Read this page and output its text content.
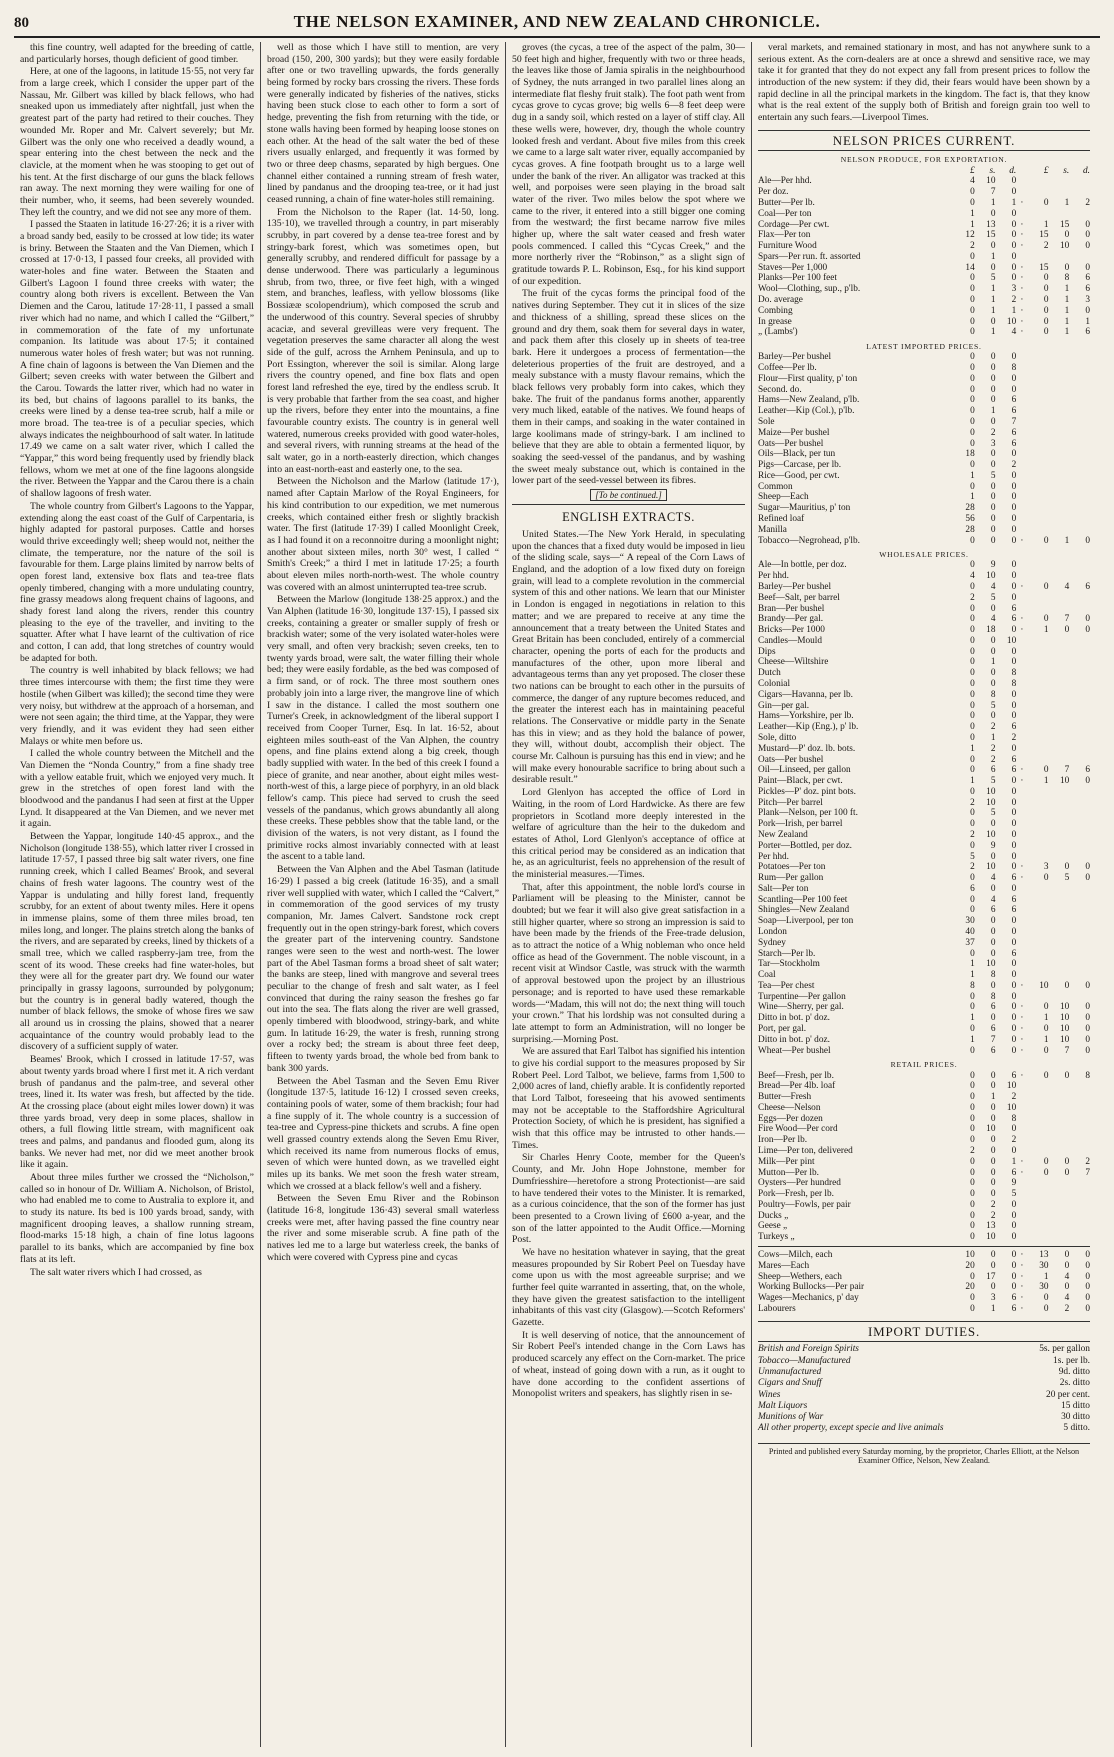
80	THE NELSON EXAMINER, AND NEW ZEALAND CHRONICLE.

this fine country, well adapted for the breeding of cattle, and particularly horses, though deficient of good timber.

Here, at one of the lagoons, in latitude 15·55, not very far from a large creek, which I consider the upper part of the Nassau, Mr. Gilbert was killed by black fellows, who had sneaked upon us immediately after nightfall, just when the greatest part of the party had retired to their couches. They wounded Mr. Roper and Mr. Calvert severely; but Mr. Gilbert was the only one who received a deadly wound, a spear entering into the chest between the neck and the clavicle, at the moment when he was stooping to get out of his tent. At the first discharge of our guns the black fellows ran away. The next morning they were wailing for one of their number, who, it seems, had been severely wounded. They left the country, and we did not see any more of them.

I passed the Staaten in latitude 16·27·26; it is a river with a broad sandy bed, easily to be crossed at low tide; its water is briny. Between the Staaten and the Van Diemen, which I crossed at 17·0·13, I passed four creeks, all provided with water-holes and fine water. Between the Staaten and Gilbert's Lagoon I found three creeks with water; the country along both rivers is excellent. Between the Van Diemen and the Carou, latitude 17·28·11, I passed a small river which had no name, and which I called the “Gilbert,” in commemoration of the fate of my unfortunate companion. Its latitude was about 17·5; it contained numerous water holes of fresh water; but was not running. A fine chain of lagoons is between the Van Diemen and the Gilbert; seven creeks with water between the Gilbert and the Carou. Towards the latter river, which had no water in its bed, but chains of lagoons parallel to its banks, the creeks were lined by a dense tea-tree scrub, half a mile or more broad. The tea-tree is of a peculiar species, which always indicates the neighbourhood of salt water. In latitude 17.49 we came on a salt water river, which I called the “Yappar,” this word being frequently used by friendly black fellows, whom we met at one of the fine lagoons alongside the river. Between the Yappar and the Carou there is a chain of shallow lagoons of fresh water.

The whole country from Gilbert's Lagoons to the Yappar, extending along the east coast of the Gulf of Carpentaria, is highly adapted for pastoral purposes. Cattle and horses would thrive exceedingly well; sheep would not, neither the climate, the temperature, nor the nature of the soil is favourable for them. Large plains limited by narrow belts of open forest land, extensive box flats and tea-tree flats openly timbered, changing with a more undulating country, fine grassy meadows along frequent chains of lagoons, and shady forest land along the rivers, render this country pleasing to the eye of the traveller, and inviting to the squatter. After what I have learnt of the cultivation of rice and cotton, I can add, that long stretches of country would be adapted for both.

The country is well inhabited by black fellows; we had three times intercourse with them; the first time they were hostile (when Gilbert was killed); the second time they were very noisy, but withdrew at the approach of a horseman, and were not seen again; the third time, at the Yappar, they were very friendly, and it was evident they had seen either Malays or white men before us.

I called the whole country between the Mitchell and the Van Diemen the “Nonda Country,” from a fine shady tree with a yellow eatable fruit, which we enjoyed very much. It grew in the stretches of open forest land with the bloodwood and the pandanus I had seen at first at the Upper Lynd. It disappeared at the Van Diemen, and we never met it again.

Between the Yappar, longitude 140·45 approx., and the Nicholson (longitude 138·55), which latter river I crossed in latitude 17·57, I passed three big salt water rivers, one fine running creek, which I called Beames' Brook, and several chains of fresh water lagoons. The country west of the Yappar is undulating and hilly forest land, frequently scrubby, for an extent of about twenty miles. Here it opens in immense plains, some of them three miles broad, ten miles long, and longer. The plains stretch along the banks of the rivers, and are separated by creeks, lined by thickets of a small tree, which we called raspberry-jam tree, from the scent of its wood. These creeks had fine water-holes, but they were all for the greater part dry. We found our water principally in grassy lagoons, surrounded by polygonum; but the country is in general badly watered, though the number of black fellows, the smoke of whose fires we saw all around us in crossing the plains, showed that a nearer acquaintance of the country would probably lead to the discovery of a sufficient supply of water.

Beames' Brook, which I crossed in latitude 17·57, was about twenty yards broad where I first met it. A rich verdant brush of pandanus and the palm-tree, and several other trees, lined it. Its water was fresh, but affected by the tide. At the crossing place (about eight miles lower down) it was three yards broad, very deep in some places, shallow in others, a full flowing little stream, with magnificent oak trees and palms, and pandanus and flooded gum, along its banks. We never had met, nor did we meet another brook like it again.

About three miles further we crossed the “Nicholson,” called so in honour of Dr. William A. Nicholson, of Bristol, who had enabled me to come to Australia to explore it, and to study its nature. Its bed is 100 yards broad, sandy, with magnificent drooping leaves, a shallow running stream, flood-marks 15·18 high, a chain of fine lotus lagoons parallel to its banks, which are accompanied by fine box flats at its left.

The salt water rivers which I had crossed, as

well as those which I have still to mention, are very broad (150, 200, 300 yards); but they were easily fordable after one or two travelling upwards, the fords generally being formed by rocky bars crossing the rivers. These fords were generally indicated by fisheries of the natives, sticks having been stuck close to each other to form a sort of hedge, preventing the fish from returning with the tide, or stone walls having been formed by heaping loose stones on each other. At the head of the salt water the bed of these rivers usually enlarged, and frequently it was formed by two or three deep chasms, separated by high bergues. One channel either contained a running stream of fresh water, lined by pandanus and the drooping tea-tree, or it had just ceased running, a chain of fine water-holes still remaining.

From the Nicholson to the Raper (lat. 14·50, long. 135·10), we travelled through a country, in part miserably scrubby, in part covered by a dense tea-tree forest and by stringy-bark forest, which was sometimes open, but generally scrubby, and rendered difficult for passage by a dense underwood. There was particularly a leguminous shrub, from two, three, or five feet high, with a winged stem, and branches, leafless, with yellow blossoms (like Bossiææ scolopendrium), which composed the scrub and the underwood of this country. Several species of shrubby acaciæ, and several grevilleas were very frequent. The vegetation preserves the same character all along the west side of the gulf, across the Arnhem Peninsula, and up to Port Essington, wherever the soil is similar. Along large rivers the country opened, and fine box flats and open forest land refreshed the eye, tired by the endless scrub. It is very probable that farther from the sea coast, and higher up the rivers, before they enter into the mountains, a fine favourable country exists. The country is in general well watered, numerous creeks provided with good water-holes, and several rivers, with running streams at the head of the salt water, go in a north-easterly direction, which changes into an east-north-east and easterly one, to the sea.

Between the Nicholson and the Marlow (latitude 17·), named after Captain Marlow of the Royal Engineers, for his kind contribution to our expedition, we met numerous creeks, which contained either fresh or slightly brackish water. The first (latitude 17·39) I called Moonlight Creek, as I had found it on a reconnoitre during a moonlight night; another about sixteen miles, north 30° west, I called “ Smith's Creek;” a third I met in latitude 17·25; a fourth about eleven miles north-north-west. The whole country was covered with an almost uninterrupted tea-tree scrub.

Between the Marlow (longitude 138·25 approx.) and the Van Alphen (latitude 16·30, longitude 137·15), I passed six creeks, containing a greater or smaller supply of fresh or brackish water; some of the very isolated water-holes were very small, and often very brackish; seven creeks, ten to twenty yards broad, were salt, the water filling their whole bed; they were easily fordable, as the bed was composed of a firm sand, or of rock. The three most southern ones probably join into a large river, the mangrove line of which I saw in the distance. I called the most southern one Turner's Creek, in acknowledgment of the liberal support I received from Cooper Turner, Esq. In lat. 16·52, about eighteen miles south-east of the Van Alphen, the country opens, and fine plains extend along a big creek, though badly supplied with water. In the bed of this creek I found a piece of granite, and near another, about eight miles west-north-west of this, a large piece of porphyry, in an old black fellow's camp. This piece had served to crush the seed vessels of the pandanus, which grows abundantly all along these creeks. These pebbles show that the table land, or the division of the waters, is not very distant, as I found the primitive rocks almost invariably connected with at least the ascent to a table land.

Between the Van Alphen and the Abel Tasman (latitude 16·29) I passed a big creek (latitude 16·35), and a small river well supplied with water, which I called the “Calvert,” in commemoration of the good services of my trusty companion, Mr. James Calvert. Sandstone rock crept frequently out in the open stringy-bark forest, which covers the greater part of the intervening country. Sandstone ranges were seen to the west and north-west. The lower part of the Abel Tasman forms a broad sheet of salt water; the banks are steep, lined with mangrove and several trees peculiar to the change of fresh and salt water, as I feel convinced that during the rainy season the freshes go far out into the sea. The flats along the river are well grassed, openly timbered with bloodwood, stringy-bark, and white gum. In latitude 16·29, the water is fresh, running strong over a rocky bed; the stream is about three feet deep, fifteen to twenty yards broad, the whole bed from bank to bank 300 yards.

Between the Abel Tasman and the Seven Emu River (longitude 137·5, latitude 16·12) I crossed seven creeks, containing pools of water, some of them brackish; four had a fine supply of it. The whole country is a succession of tea-tree and Cypress-pine thickets and scrubs. A fine open well grassed country extends along the Seven Emu River, which received its name from numerous flocks of emus, seven of which were hunted down, as we travelled eight miles up its banks. We met soon the fresh water stream, which we crossed at a black fellow's well and a fishery.

Between the Seven Emu River and the Robinson (latitude 16·8, longitude 136·43) several small waterless creeks were met, after having passed the fine country near the river and some miserable scrub. A fine path of the natives led me to a large but waterless creek, the banks of which were covered with Cypress pine and cycas

groves (the cycas, a tree of the aspect of the palm, 30—50 feet high and higher, frequently with two or three heads, the leaves like those of Jamia spiralis in the neighbourhood of Sydney, the nuts arranged in two parallel lines along an intermediate flat fleshy fruit stalk). The foot path went from cycas grove to cycas grove; big wells 6—8 feet deep were dug in a sandy soil, which rested on a layer of stiff clay. All these wells were, however, dry, though the whole country looked fresh and verdant. About five miles from this creek we came to a large salt water river, equally accompanied by cycas groves. A fine footpath brought us to a large well under the bank of the river. An alligator was tracked at this well, and porpoises were seen playing in the broad salt water of the river. Two miles below the spot where we came to the river, it entered into a still bigger one coming from the westward; the first became narrow five miles higher up, where the salt water ceased and fresh water pools commenced. I called this “Cycas Creek,” and the more northerly river the “Robinson,” as a slight sign of gratitude towards P. L. Robinson, Esq., for his kind support of our expedition.

The fruit of the cycas forms the principal food of the natives during September. They cut it in slices of the size and thickness of a shilling, spread these slices on the ground and dry them, soak them for several days in water, and pack them after this closely up in sheets of tea-tree bark. Here it undergoes a process of fermentation—the deleterious properties of the fruit are destroyed, and a mealy substance with a musty flavour remains, which the black fellows very probably form into cakes, which they bake. The fruit of the pandanus forms another, apparently very much liked, eatable of the natives. We found heaps of them in their camps, and soaking in the water contained in large koolimans made of stringy-bark. I am inclined to believe that they are able to obtain a fermented liquor, by soaking the seed-vessel of the pandanus, and by washing the sweet mealy substance out, which is contained in the lower part of the seed-vessel between its fibres.

[To be continued.]
ENGLISH EXTRACTS.

United States.—The New York Herald, in speculating upon the chances that a fixed duty would be imposed in lieu of the sliding scale, says—“ A repeal of the Corn Laws of England, and the adoption of a low fixed duty on foreign grain, will lead to a complete revolution in the commercial system of this and other nations. We learn that our Minister in London is engaged in negotiations in relation to this matter; and we are prepared to receive at any time the announcement that a treaty between the United States and Great Britain has been concluded, entirely of a commercial character, opening the ports of each for the products and manufactures of the other, upon more liberal and advantageous terms than any yet proposed. The closer these two nations can be brought to each other in the pursuits of commerce, the danger of any rupture becomes reduced, and the greater the interest each has in maintaining peaceful relations. The Conservative or middle party in the Senate has this in view; and as they hold the balance of power, they will, without doubt, accomplish their object. The course Mr. Calhoun is pursuing has this end in view; and he will make every honourable sacrifice to bring about such a desirable result.”

Lord Glenlyon has accepted the office of Lord in Waiting, in the room of Lord Hardwicke. As there are few proprietors in Scotland more deeply interested in the welfare of agriculture than the heir to the dukedom and estates of Athol, Lord Glenlyon's acceptance of office at this critical period may be considered as an indication that he, as an agriculturist, feels no apprehension of the result of the ministerial measures.—Times.

That, after this appointment, the noble lord's course in Parliament will be pleasing to the Minister, cannot be doubted; but we fear it will also give great satisfaction in a still higher quarter, where so strong an impression is said to have been made by the friends of the Free-trade delusion, as to attract the notice of a Whig nobleman who once held office as head of the Government. The noble viscount, in a recent visit at Windsor Castle, was struck with the warmth of approval bestowed upon the project by an illustrious personage; and is reported to have used these remarkable words—“Madam, this will not do; the next thing will touch your crown.” That his lordship was not consulted during a late attempt to form an Administration, will no longer be surprising.—Morning Post.

We are assured that Earl Talbot has signified his intention to give his cordial support to the measures proposed by Sir Robert Peel. Lord Talbot, we believe, farms from 1,500 to 2,000 acres of land, chiefly arable. It is confidently reported that Lord Talbot, foreseeing that his avowed sentiments may not be acceptable to the Staffordshire Agricultural Protection Society, of which he is president, has signified a wish that this office may be intrusted to other hands.—Times.

Sir Charles Henry Coote, member for the Queen's County, and Mr. John Hope Johnstone, member for Dumfriesshire—heretofore a strong Protectionist—are said to have tendered their votes to the Minister. It is remarked, as a curious coincidence, that the son of the former has just been presented to a Crown living of £600 a-year, and the son of the latter appointed to the Audit Office.—Morning Post.

We have no hesitation whatever in saying, that the great measures propounded by Sir Robert Peel on Tuesday have come upon us with the most agreeable surprise; and we further feel quite warranted in asserting, that, on the whole, they have given the greatest satisfaction to the intelligent inhabitants of this vast city (Glasgow).—Scotch Reformers' Gazette.

It is well deserving of notice, that the announcement of Sir Robert Peel's intended change in the Corn Laws has produced scarcely any effect on the Corn-market. The price of wheat, instead of going down with a run, as it ought to have done according to the confident assertions of Monopolist writers and speakers, has slightly risen in se-

veral markets, and remained stationary in most, and has not anywhere sunk to a serious extent. As the corn-dealers are at once a shrewd and sensitive race, we may take it for granted that they do not expect any fall from present prices to follow the introduction of the new system: if they did, their fears would have been shown by a rapid decline in all the principal markets in the kingdom. The fact is, that they know what is the real extent of the supply both of British and foreign grain too well to entertain any such fears.—Liverpool Times.

NELSON PRICES CURRENT.
NELSON PRODUCE, FOR EXPORTATION.
	£	s.	d.		£	s.	d.
Ale—Per hhd.	4	10	0				
Per doz.	0	7	0				
Butter—Per lb.	0	1	1	·	0	1	2
Coal—Per ton	1	0	0				
Cordage—Per cwt.	1	13	0	·	1	15	0
Flax—Per ton	12	15	0	·	15	0	0
Furniture Wood	2	0	0	·	2	10	0
Spars—Per run. ft. assorted	0	1	0				
Staves—Per 1,000	14	0	0	·	15	0	0
Planks—Per 100 feet	0	5	0	·	0	8	6
Wool—Clothing, sup., p'lb.	0	1	3	·	0	1	6
Do. average	0	1	2	·	0	1	3
Combing	0	1	1	·	0	1	0
In grease	0	0	10	·	0	1	1
„ (Lambs')	0	1	4	·	0	1	6
LATEST IMPORTED PRICES.
Barley—Per bushel	0	0	0				
Coffee—Per lb.	0	0	8				
Flour—First quality, p' ton	0	0	0				
Second. do.	0	0	0				
Hams—New Zealand, p'lb.	0	0	6				
Leather—Kip (Col.), p'lb.	0	1	6				
Sole	0	0	7				
Maize—Per bushel	0	2	6				
Oats—Per bushel	0	3	6				
Oils—Black, per tun	18	0	0				
Pigs—Carcase, per lb.	0	0	2				
Rice—Good, per cwt.	1	5	0				
Common	0	0	0				
Sheep—Each	1	0	0				
Sugar—Mauritius, p' ton	28	0	0				
Refined loaf	56	0	0				
Manilla	28	0	0				
Tobacco—Negrohead, p'lb.	0	0	0	·	0	1	0
WHOLESALE PRICES.
Ale—In bottle, per doz.	0	9	0				
Per hhd.	4	10	0				
Barley—Per bushel	0	4	0	·	0	4	6
Beef—Salt, per barrel	2	5	0				
Bran—Per bushel	0	0	6				
Brandy—Per gal.	0	4	6	·	0	7	0
Bricks—Per 1000	0	18	0	·	1	0	0
Candles—Mould	0	0	10				
Dips	0	0	0				
Cheese—Wiltshire	0	1	0				
Dutch	0	0	8				
Colonial	0	0	8				
Cigars—Havanna, per lb.	0	8	0				
Gin—per gal.	0	5	0				
Hams—Yorkshire, per lb.	0	0	0				
Leather—Kip (Eng.), p' lb.	0	2	6				
Sole, ditto	0	1	2				
Mustard—P' doz. lb. bots.	1	2	0				
Oats—Per bushel	0	2	6				
Oil—Linseed, per gallon	0	6	6	·	0	7	6
Paint—Black, per cwt.	1	5	0	·	1	10	0
Pickles—P' doz. pint bots.	0	10	0				
Pitch—Per barrel	2	10	0				
Plank—Nelson, per 100 ft.	0	5	0				
Pork—Irish, per barrel	0	0	0				
New Zealand	2	10	0				
Porter—Bottled, per doz.	0	9	0				
Per hhd.	5	0	0				
Potatoes—Per ton	2	10	0	·	3	0	0
Rum—Per gallon	0	4	6	·	0	5	0
Salt—Per ton	6	0	0				
Scantling—Per 100 feet	0	4	6				
Shingles—New Zealand	0	6	6				
Soap—Liverpool, per ton	30	0	0				
London	40	0	0				
Sydney	37	0	0				
Starch—Per lb.	0	0	6				
Tar—Stockholm	1	10	0				
Coal	1	8	0				
Tea—Per chest	8	0	0	·	10	0	0
Turpentine—Per gallon	0	8	0				
Wine—Sherry, per gal.	0	6	0	·	0	10	0
Ditto in bot. p' doz.	1	0	0	·	1	10	0
Port, per gal.	0	6	0	·	0	10	0
Ditto in bot. p' doz.	1	7	0	·	1	10	0
Wheat—Per bushel	0	6	0	·	0	7	0
RETAIL PRICES.
Beef—Fresh, per lb.	0	0	6	·	0	0	8
Bread—Per 4lb. loaf	0	0	10				
Butter—Fresh	0	1	2				
Cheese—Nelson	0	0	10				
Eggs—Per dozen	0	0	8				
Fire Wood—Per cord	0	10	0				
Iron—Per lb.	0	0	2				
Lime—Per ton, delivered	2	0	0				
Milk—Per pint	0	0	1	·	0	0	2
Mutton—Per lb.	0	0	6	·	0	0	7
Oysters—Per hundred	0	0	9				
Pork—Fresh, per lb.	0	0	5				
Poultry—Fowls, per pair	0	2	0				
Ducks „	0	2	0				
Geese „	0	13	0				
Turkeys „	0	10	0				
Cows—Milch, each	10	0	0	·	13	0	0
Mares—Each	20	0	0	·	30	0	0
Sheep—Wethers, each	0	17	0	·	1	4	0
Working Bullocks—Per pair	20	0	0	·	30	0	0
Wages—Mechanics, p' day	0	3	6	·	0	4	0
Labourers	0	1	6	·	0	2	0
IMPORT DUTIES.
British and Foreign Spirits	5s. per gallon
Tobacco—Manufactured	1s. per lb.
Unmanufactured	9d. ditto
Cigars and Snuff	2s. ditto
Wines	20 per cent.
Malt Liquors	15 ditto
Munitions of War	30 ditto
All other property, except specie and live animals	5 ditto.
Printed and published every Saturday morning, by the proprietor, Charles Elliott, at the Nelson Examiner Office, Nelson, New Zealand.
